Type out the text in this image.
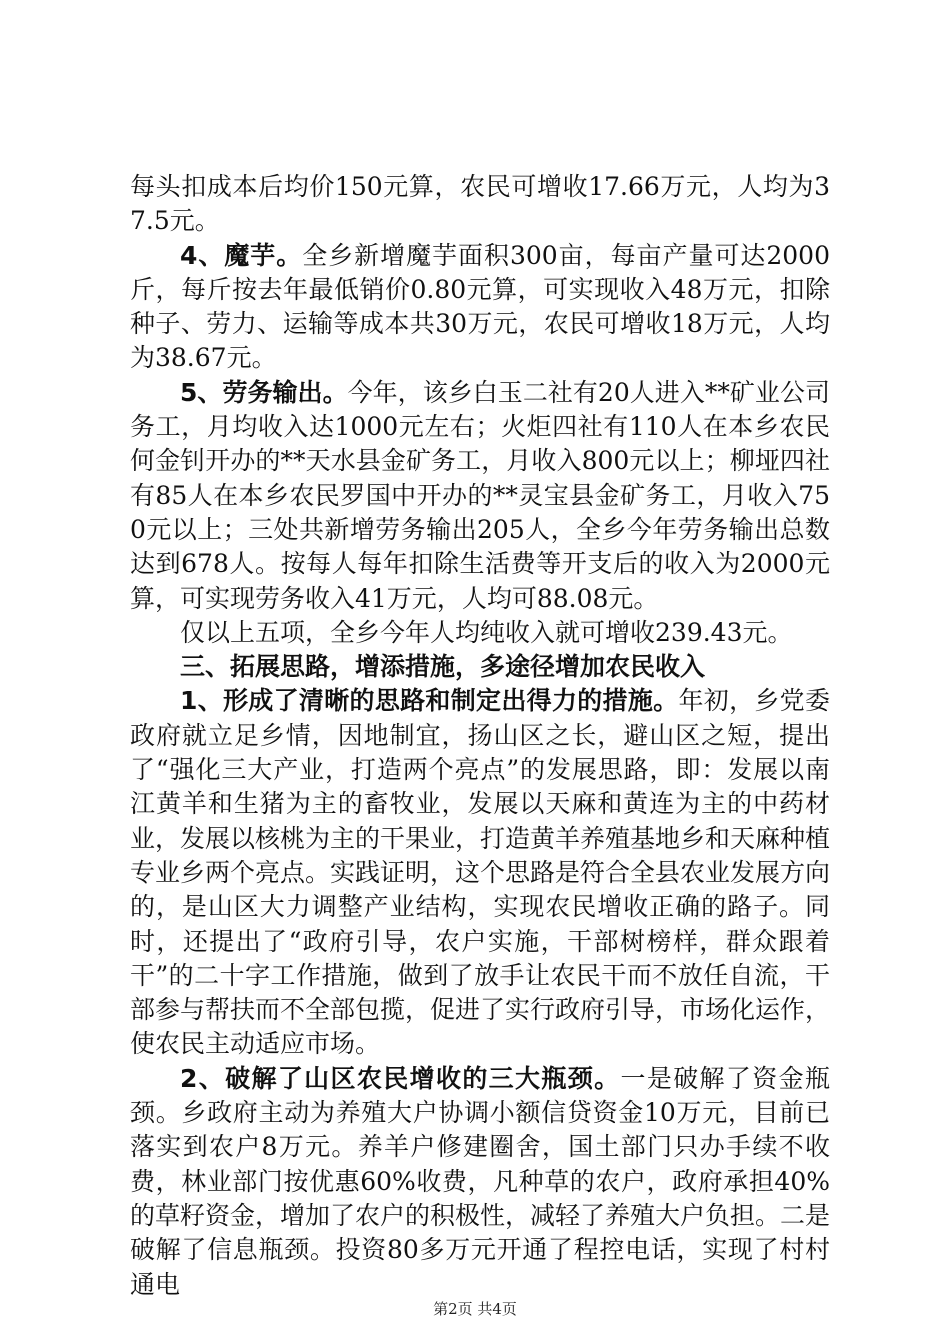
每头扣成本后均价150元算，农民可增收17.66万元，人均为37.5元。

4、魔芋。全乡新增魔芋面积300亩，每亩产量可达2000斤，每斤按去年最低销价0.80元算，可实现收入48万元，扣除种子、劳力、运输等成本共30万元，农民可增收18万元，人均为38.67元。

5、劳务输出。今年，该乡白玉二社有20人进入**矿业公司务工，月均收入达1000元左右；火炬四社有110人在本乡农民何金钊开办的**天水县金矿务工，月收入800元以上；柳垭四社有85人在本乡农民罗国中开办的**灵宝县金矿务工，月收入750元以上；三处共新增劳务输出205人，全乡今年劳务输出总数达到678人。按每人每年扣除生活费等开支后的收入为2000元算，可实现劳务收入41万元，人均可88.08元。

仅以上五项，全乡今年人均纯收入就可增收239.43元。

三、拓展思路，增添措施，多途径增加农民收入

1、形成了清晰的思路和制定出得力的措施。年初，乡党委政府就立足乡情，因地制宜，扬山区之长，避山区之短，提出了“强化三大产业，打造两个亮点”的发展思路，即：发展以南江黄羊和生猪为主的畜牧业，发展以天麻和黄连为主的中药材业，发展以核桃为主的干果业，打造黄羊养殖基地乡和天麻种植专业乡两个亮点。实践证明，这个思路是符合全县农业发展方向的，是山区大力调整产业结构，实现农民增收正确的路子。同时，还提出了“政府引导，农户实施，干部树榜样，群众跟着干”的二十字工作措施，做到了放手让农民干而不放任自流，干部参与帮扶而不全部包揽，促进了实行政府引导，市场化运作，使农民主动适应市场。

2、破解了山区农民增收的三大瓶颈。一是破解了资金瓶颈。乡政府主动为养殖大户协调小额信贷资金10万元，目前已落实到农户8万元。养羊户修建圈舍，国土部门只办手续不收费，林业部门按优惠60%收费，凡种草的农户，政府承担40%的草籽资金，增加了农户的积极性，减轻了养殖大户负担。二是破解了信息瓶颈。投资80多万元开通了程控电话，实现了村村通电

第2页 共4页
